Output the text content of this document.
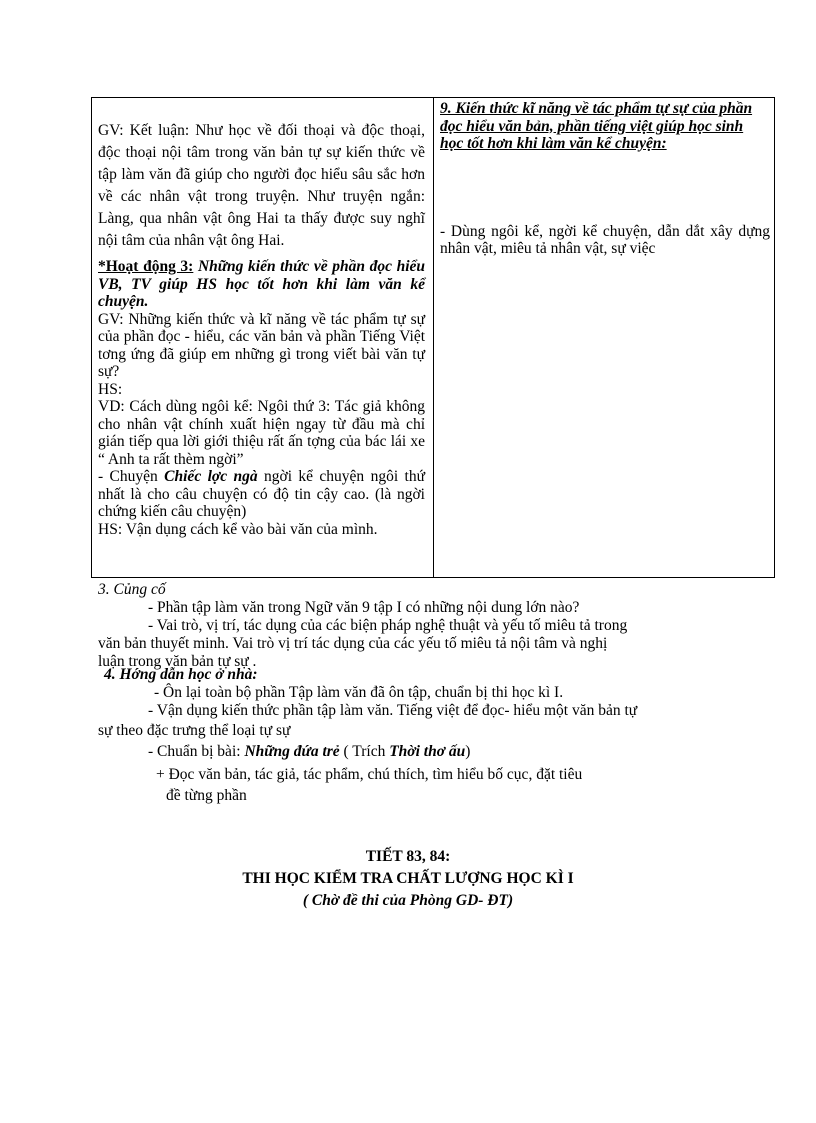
GV: Kết luận: Như học về đối thoại và độc thoại, độc thoại nội tâm trong văn bản tự sự kiến thức về tập làm văn đã giúp cho người đọc hiểu sâu sắc hơn về các nhân vật trong truyện. Như truyện ngắn: Làng, qua nhân vật ông Hai ta thấy được suy nghĩ nội tâm của nhân vật ông Hai.

*Hoạt động 3: Những kiến thức về phần đọc hiểu VB, TV giúp HS học tốt hơn khi làm văn kể chuyện.

GV: Những kiến thức và kĩ năng về tác phẩm tự sự của phần đọc - hiểu, các văn bản và phần Tiếng Việt tơng ứng đã giúp em những gì trong viết bài văn tự sự?

HS:

VD: Cách dùng ngôi kể: Ngôi thứ 3: Tác giả không cho nhân vật chính xuất hiện ngay từ đầu mà chỉ gián tiếp qua lời giới thiệu rất ấn tợng của bác lái xe “ Anh ta rất thèm ngời”

- Chuyện Chiếc lợc ngà ngời kể chuyện ngôi thứ nhất là cho câu chuyện có độ tin cậy cao. (là ngời chứng kiến câu chuyện)

HS: Vận dụng cách kể vào bài văn của mình.

9. Kiến thức kĩ năng về tác phẩm tự sự của phần đọc hiểu văn bản, phần tiếng việt giúp học sinh học tốt hơn khi làm văn kể chuyện:

- Dùng ngôi kể, ngời kể chuyện, dẫn dắt xây dựng nhân vật, miêu tả nhân vật, sự việc

3. Củng cố
- Phần tập làm văn trong Ngữ văn 9 tập I có những nội dung lớn nào?
- Vai trò, vị trí, tác dụng của các biện pháp nghệ thuật và yếu tố miêu tả trong
văn bản thuyết minh. Vai trò vị trí tác dụng của các yếu tố miêu tả nội tâm và nghị
luận trong văn bản tự sự .
4. Hớng dẫn học ở nhà:
- Ôn lại toàn bộ phần Tập làm văn đã ôn tập, chuẩn bị thi học kì I.
- Vận dụng kiến thức phần tập làm văn. Tiếng việt để đọc- hiểu một văn bản tự
sự theo đặc trưng thể loại tự sự
- Chuẩn bị bài: Những đứa trẻ ( Trích Thời thơ ấu)
+ Đọc văn bản, tác giả, tác phẩm, chú thích, tìm hiểu bố cục, đặt tiêu
đề từng phần
TIẾT 83, 84:
THI HỌC KIỂM TRA CHẤT LƯỢNG HỌC KÌ I
( Chờ đề thi của Phòng GD- ĐT)
